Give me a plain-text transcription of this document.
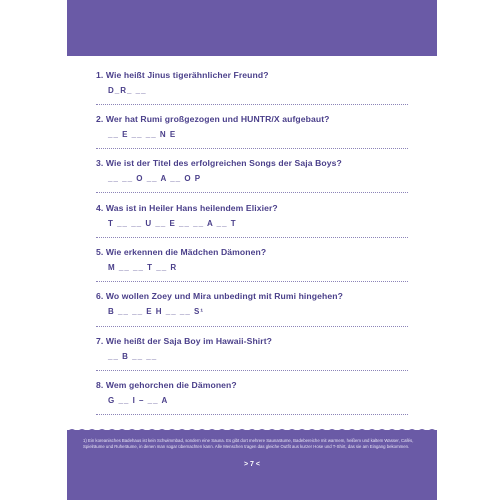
1. Wie heißt Jinus tigerähnlicher Freund?
D_R_ __
2. Wer hat Rumi großgezogen und HUNTR/X aufgebaut?
__ E __ __ N E
3. Wie ist der Titel des erfolgreichen Songs der Saja Boys?
__ __ O __ A __ O P
4. Was ist in Heiler Hans heilendem Elixier?
T __ __ U __ E __ __ A __ T
5. Wie erkennen die Mädchen Dämonen?
M __ __ T __ R
6. Wo wollen Zoey und Mira unbedingt mit Rumi hingehen?
B __ __ E H __ __ S¹
7. Wie heißt der Saja Boy im Hawaii-Shirt?
__ B __ __
8. Wem gehorchen die Dämonen?
G __ I – __ A
1) Ein koreanisches Badehaus ist kein Schwimmbad, sondern eine Sauna. Es gibt dort mehrere Saunaräume, Badebereiche mit warmem, heißem und kaltem Wasser, Cafés, Spielräume und Ruheräume, in denen man sogar übernachten kann. Alle Menschen tragen das gleiche Outfit aus kurzer Hose und T-Shirt, das sie am Eingang bekommen.
> 7 <
